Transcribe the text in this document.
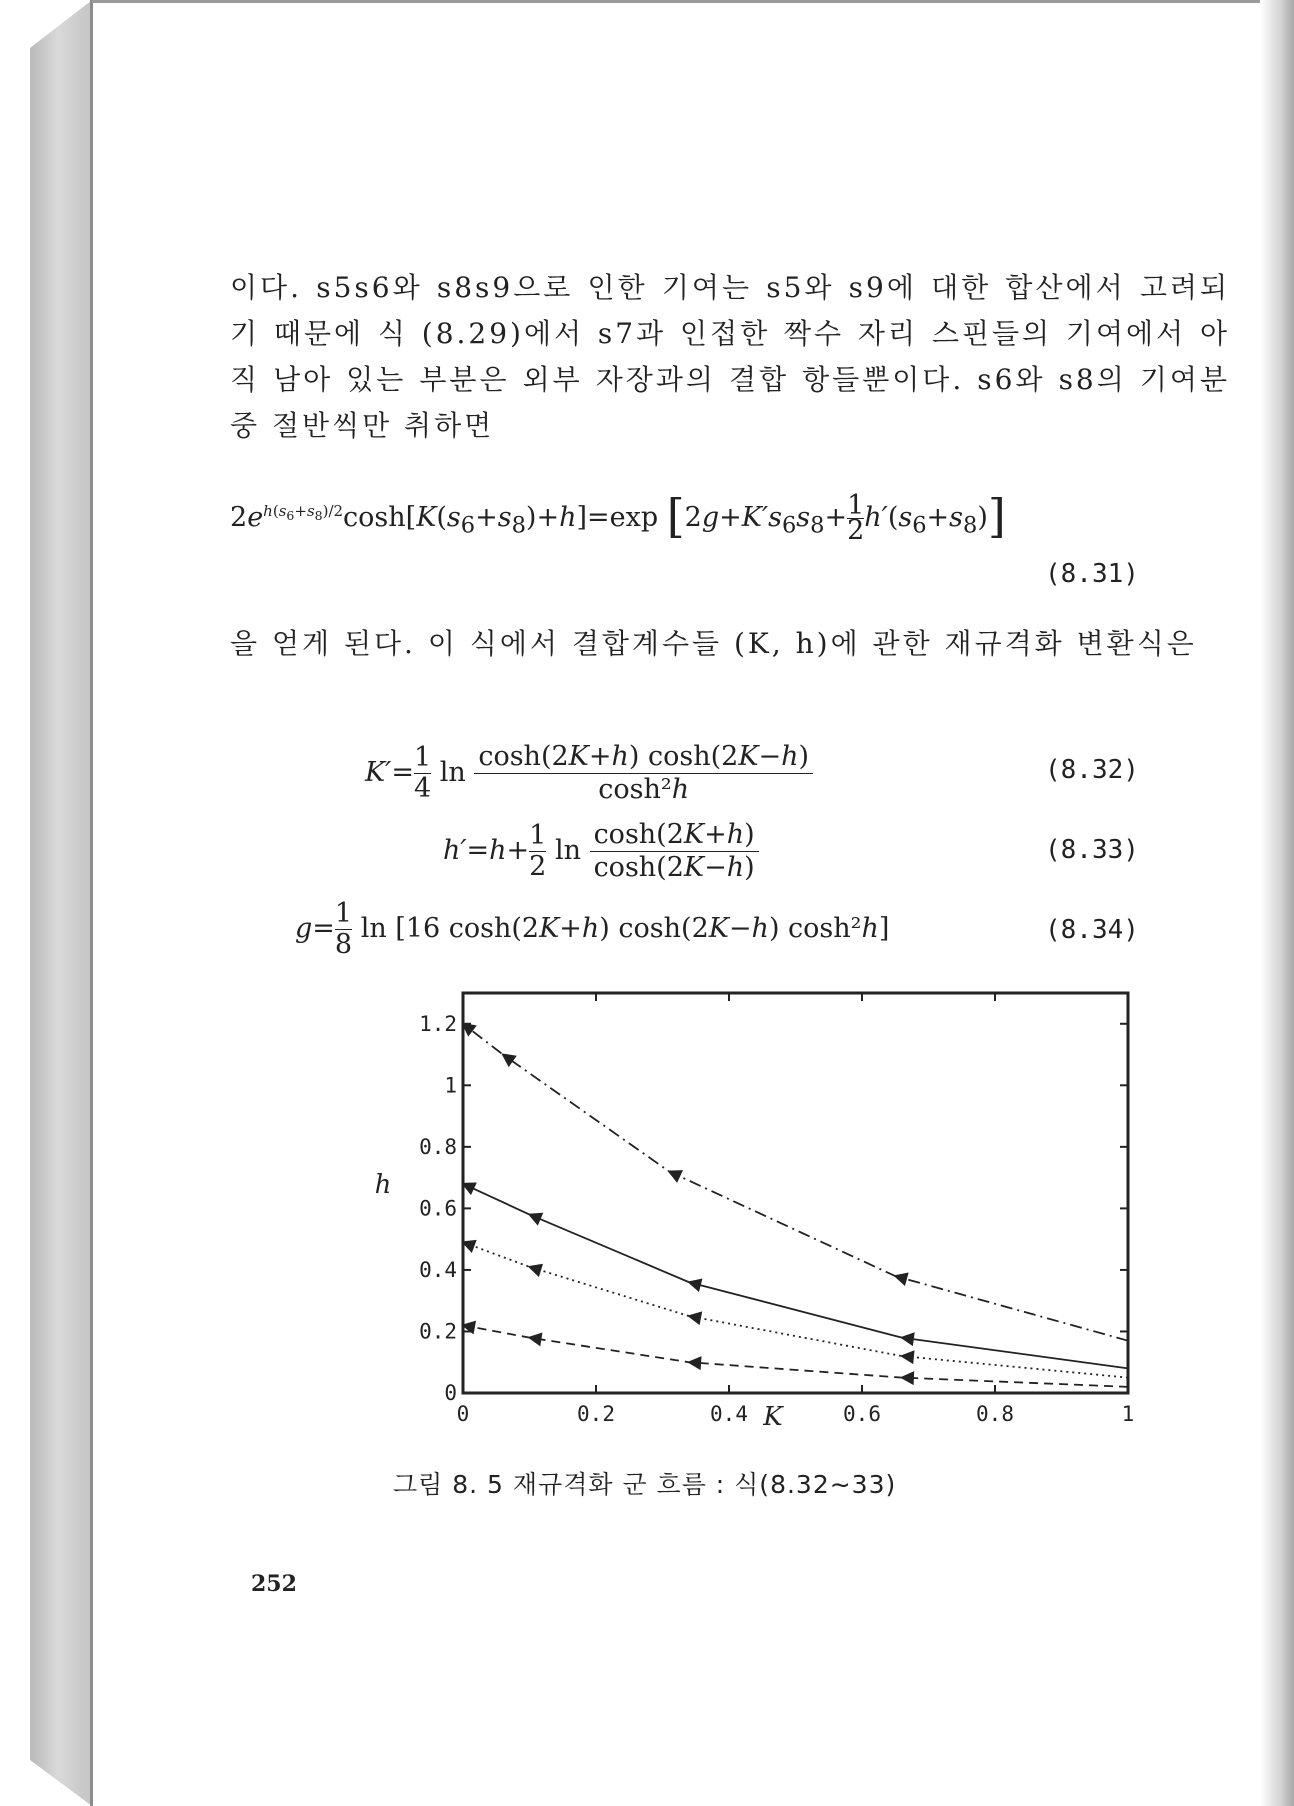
이다. s5s6와 s8s9으로 인한 기여는 s5와 s9에 대한 합산에서 고려되기 때문에 식 (8.29)에서 s7과 인접한 짝수 자리 스핀들의 기여에서 아직 남아 있는 부분은 외부 자장과의 결합 항들뿐이다. s6와 s8의 기여분 중 절반씩만 취하면
$2e^{h(s_6+s_8)/2}\cosh[K(s_6+s_8)+h]=\exp$ $[2g+K's_6s_8+ \frac{1}{2} h'(s_6+s_8)]$
(8.31)
을 얻게 된다. 이 식에서 결합계수들 (K, h)에 관한 재규격화 변환식은
$K'= \frac{1}{4}$ $\ln \frac{\cosh(2K+h) \cosh(2K-h)}{\text{cosh²h}}$	(8.32)
$h'=h+ \frac{1}{2}$ $\ln \frac{\cosh(2K+h)}{\cosh(2K-h)}$	(8.33)
$g= \frac{1}{8}$ ln [16 cosh(2K+h) cosh(2K−h) cosh²h]	(8.34)
0	0.2	0.4	0.6	0.8	1
0
0.2
0.4
0.6
0.8
1
1.2
K
h
그림 8. 5 재규격화 군 흐름 : 식(8.32∼33)
252
